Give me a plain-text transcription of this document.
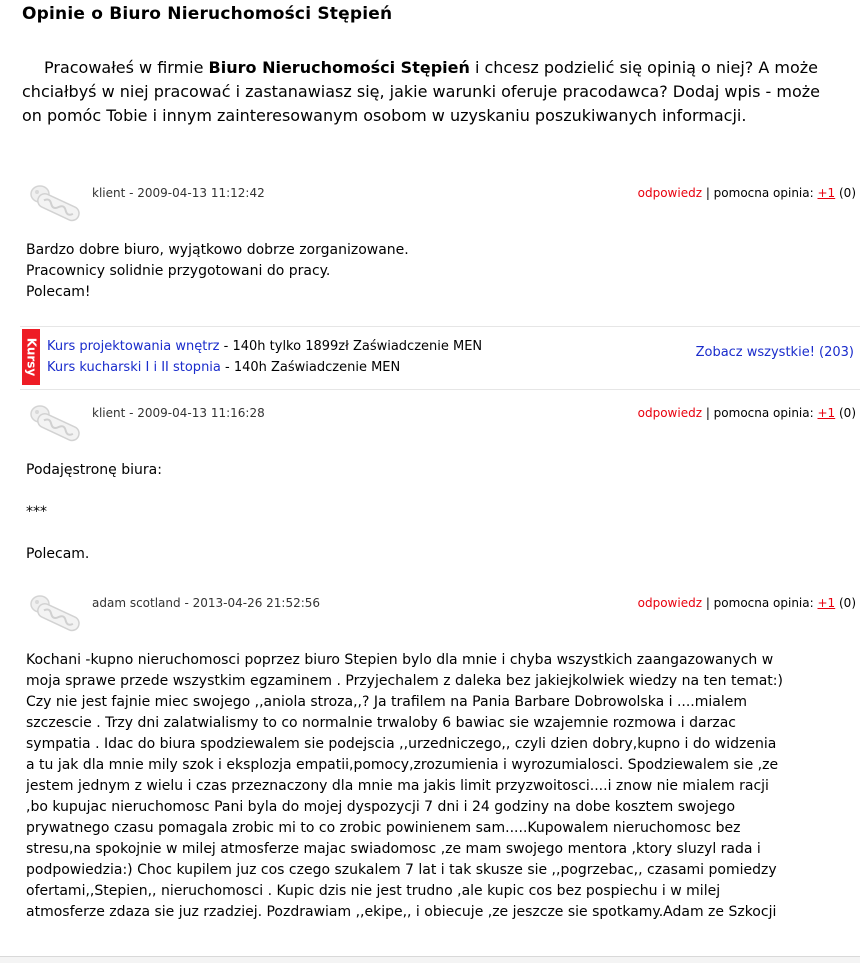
Opinie o Biuro Nieruchomości Stępień

Pracowałeś w firmie Biuro Nieruchomości Stępień i chcesz podzielić się opinią o niej? A może chciałbyś w niej pracować i zastanawiasz się, jakie warunki oferuje pracodawca? Dodaj wpis - może on pomóc Tobie i innym zainteresowanym osobom w uzyskaniu poszukiwanych informacji.

klient - 2009-04-13 11:12:42	odpowiedz | pomocna opinia: +1 (0)

Bardzo dobre biuro, wyjątkowo dobrze zorganizowane.

Pracownicy solidnie przygotowani do pracy.

Polecam!

Kursy Kurs projektowania wnętrz - 140h tylko 1899zł Zaświadczenie MEN
Kurs kucharski I i II stopnia - 140h Zaświadczenie MEN
Zobacz wszystkie! (203)
klient - 2009-04-13 11:16:28	odpowiedz | pomocna opinia: +1 (0)

Podajęstronę biura:

***

Polecam.

adam scotland - 2013-04-26 21:52:56	odpowiedz | pomocna opinia: +1 (0)

Kochani -kupno nieruchomosci poprzez biuro Stepien bylo dla mnie i chyba wszystkich zaangazowanych w moja sprawe przede wszystkim egzaminem . Przyjechalem z daleka bez jakiejkolwiek wiedzy na ten temat:) Czy nie jest fajnie miec swojego ,,aniola stroza,,? Ja trafilem na Pania Barbare Dobrowolska i ....mialem szczescie . Trzy dni zalatwialismy to co normalnie trwaloby 6 bawiac sie wzajemnie rozmowa i darzac sympatia . Idac do biura spodziewalem sie podejscia ,,urzedniczego,, czyli dzien dobry,kupno i do widzenia a tu jak dla mnie mily szok i eksplozja empatii,pomocy,zrozumienia i wyrozumialosci. Spodziewalem sie ,ze jestem jednym z wielu i czas przeznaczony dla mnie ma jakis limit przyzwoitosci....i znow nie mialem racji ,bo kupujac nieruchomosc Pani byla do mojej dyspozycji 7 dni i 24 godziny na dobe kosztem swojego prywatnego czasu pomagala zrobic mi to co zrobic powinienem sam.....Kupowalem nieruchomosc bez stresu,na spokojnie w milej atmosferze majac swiadomosc ,ze mam swojego mentora ,ktory sluzyl rada i podpowiedzia:) Choc kupilem juz cos czego szukalem 7 lat i tak skusze sie ,,pogrzebac,, czasami pomiedzy ofertami,,Stepien,, nieruchomosci . Kupic dzis nie jest trudno ,ale kupic cos bez pospiechu i w milej atmosferze zdaza sie juz rzadziej. Pozdrawiam ,,ekipe,, i obiecuje ,ze jeszcze sie spotkamy.Adam ze Szkocji
